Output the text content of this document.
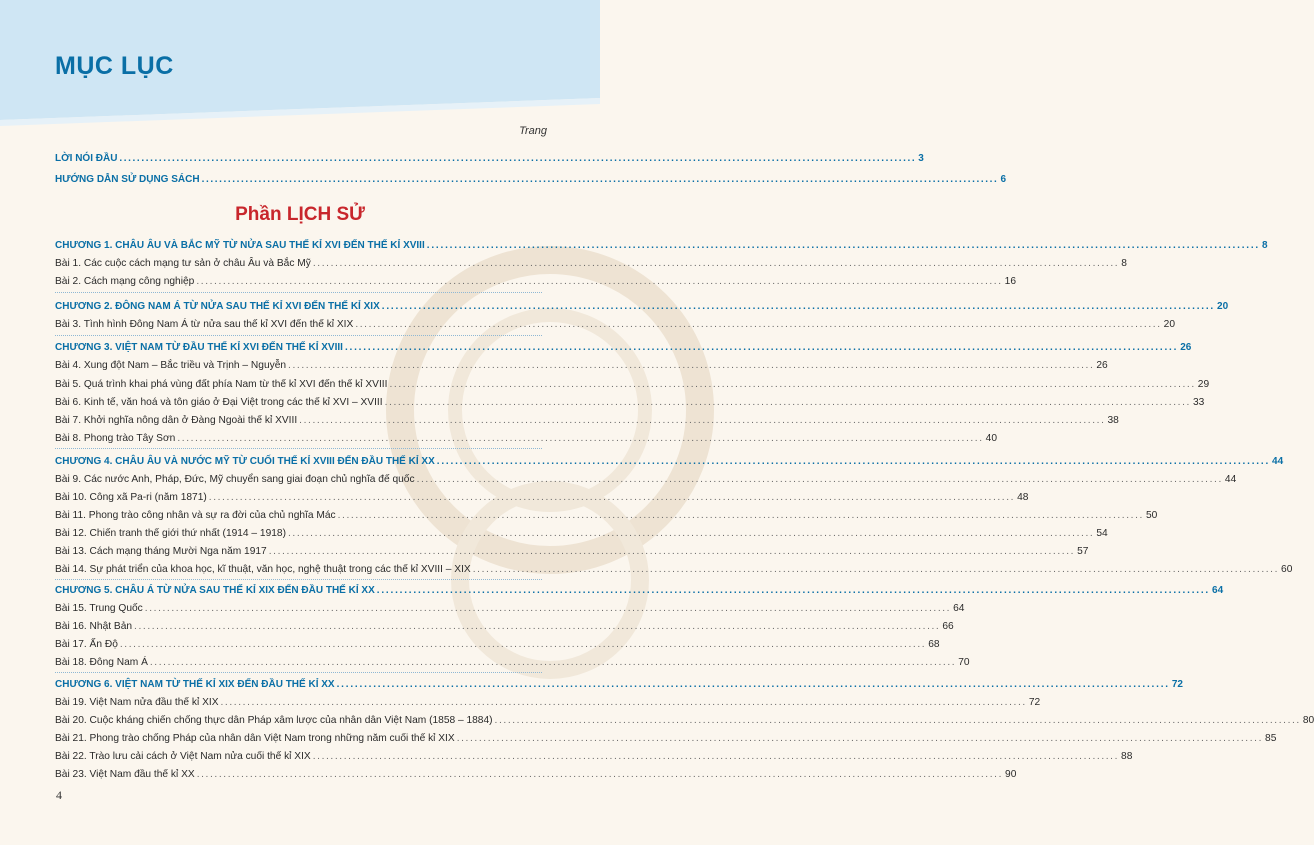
MỤC LỤC
Trang
LỜI NÓI ĐẦU .....	3
HƯỚNG DẪN SỬ DỤNG SÁCH .....	6
Phần LỊCH SỬ
CHƯƠNG 1. CHÂU ÂU VÀ BẮC MỸ TỪ NỬA SAU THẾ KỈ XVI ĐẾN THẾ KỈ XVIII .....	8
Bài 1. Các cuộc cách mạng tư sản ở châu Âu và Bắc Mỹ .....	8
Bài 2. Cách mạng công nghiệp .....	16
CHƯƠNG 2. ĐÔNG NAM Á TỪ NỬA SAU THẾ KỈ XVI ĐẾN THẾ KỈ XIX .....	20
Bài 3. Tình hình Đông Nam Á từ nửa sau thế kỉ XVI đến thế kỉ XIX .....	20
CHƯƠNG 3. VIỆT NAM TỪ ĐẦU THẾ KỈ XVI ĐẾN THẾ KỈ XVIII .....	26
Bài 4. Xung đột Nam – Bắc triều và Trịnh – Nguyễn .....	26
Bài 5. Quá trình khai phá vùng đất phía Nam từ thế kỉ XVI đến thế kỉ XVIII .....	29
Bài 6. Kinh tế, văn hoá và tôn giáo ở Đại Việt trong các thế kỉ XVI – XVIII .....	33
Bài 7. Khởi nghĩa nông dân ở Đàng Ngoài thế kỉ XVIII .....	38
Bài 8. Phong trào Tây Sơn .....	40
CHƯƠNG 4. CHÂU ÂU VÀ NƯỚC MỸ TỪ CUỐI THẾ KỈ XVIII ĐẾN ĐẦU THẾ KỈ XX .....	44
Bài 9. Các nước Anh, Pháp, Đức, Mỹ chuyển sang giai đoạn chủ nghĩa đế quốc .....	44
Bài 10. Công xã Pa-ri (năm 1871) .....	48
Bài 11. Phong trào công nhân và sự ra đời của chủ nghĩa Mác .....	50
Bài 12. Chiến tranh thế giới thứ nhất (1914 – 1918) .....	54
Bài 13. Cách mạng tháng Mười Nga năm 1917 .....	57
Bài 14. Sự phát triển của khoa học, kĩ thuật, văn học, nghệ thuật trong các thế kỉ XVIII – XIX .....	60
CHƯƠNG 5. CHÂU Á TỪ NỬA SAU THẾ KỈ XIX ĐẾN ĐẦU THẾ KỈ XX .....	64
Bài 15. Trung Quốc .....	64
Bài 16. Nhật Bản .....	66
Bài 17. Ấn Độ .....	68
Bài 18. Đông Nam Á .....	70
CHƯƠNG 6. VIỆT NAM TỪ THẾ KỈ XIX ĐẾN ĐẦU THẾ KỈ XX .....	72
Bài 19. Việt Nam nửa đầu thế kỉ XIX .....	72
Bài 20. Cuộc kháng chiến chống thực dân Pháp xâm lược của nhân dân Việt Nam (1858 – 1884) .....	80
Bài 21. Phong trào chống Pháp của nhân dân Việt Nam trong những năm cuối thế kỉ XIX .....	85
Bài 22. Trào lưu cải cách ở Việt Nam nửa cuối thế kỉ XIX .....	88
Bài 23. Việt Nam đầu thế kỉ XX .....	90
4
